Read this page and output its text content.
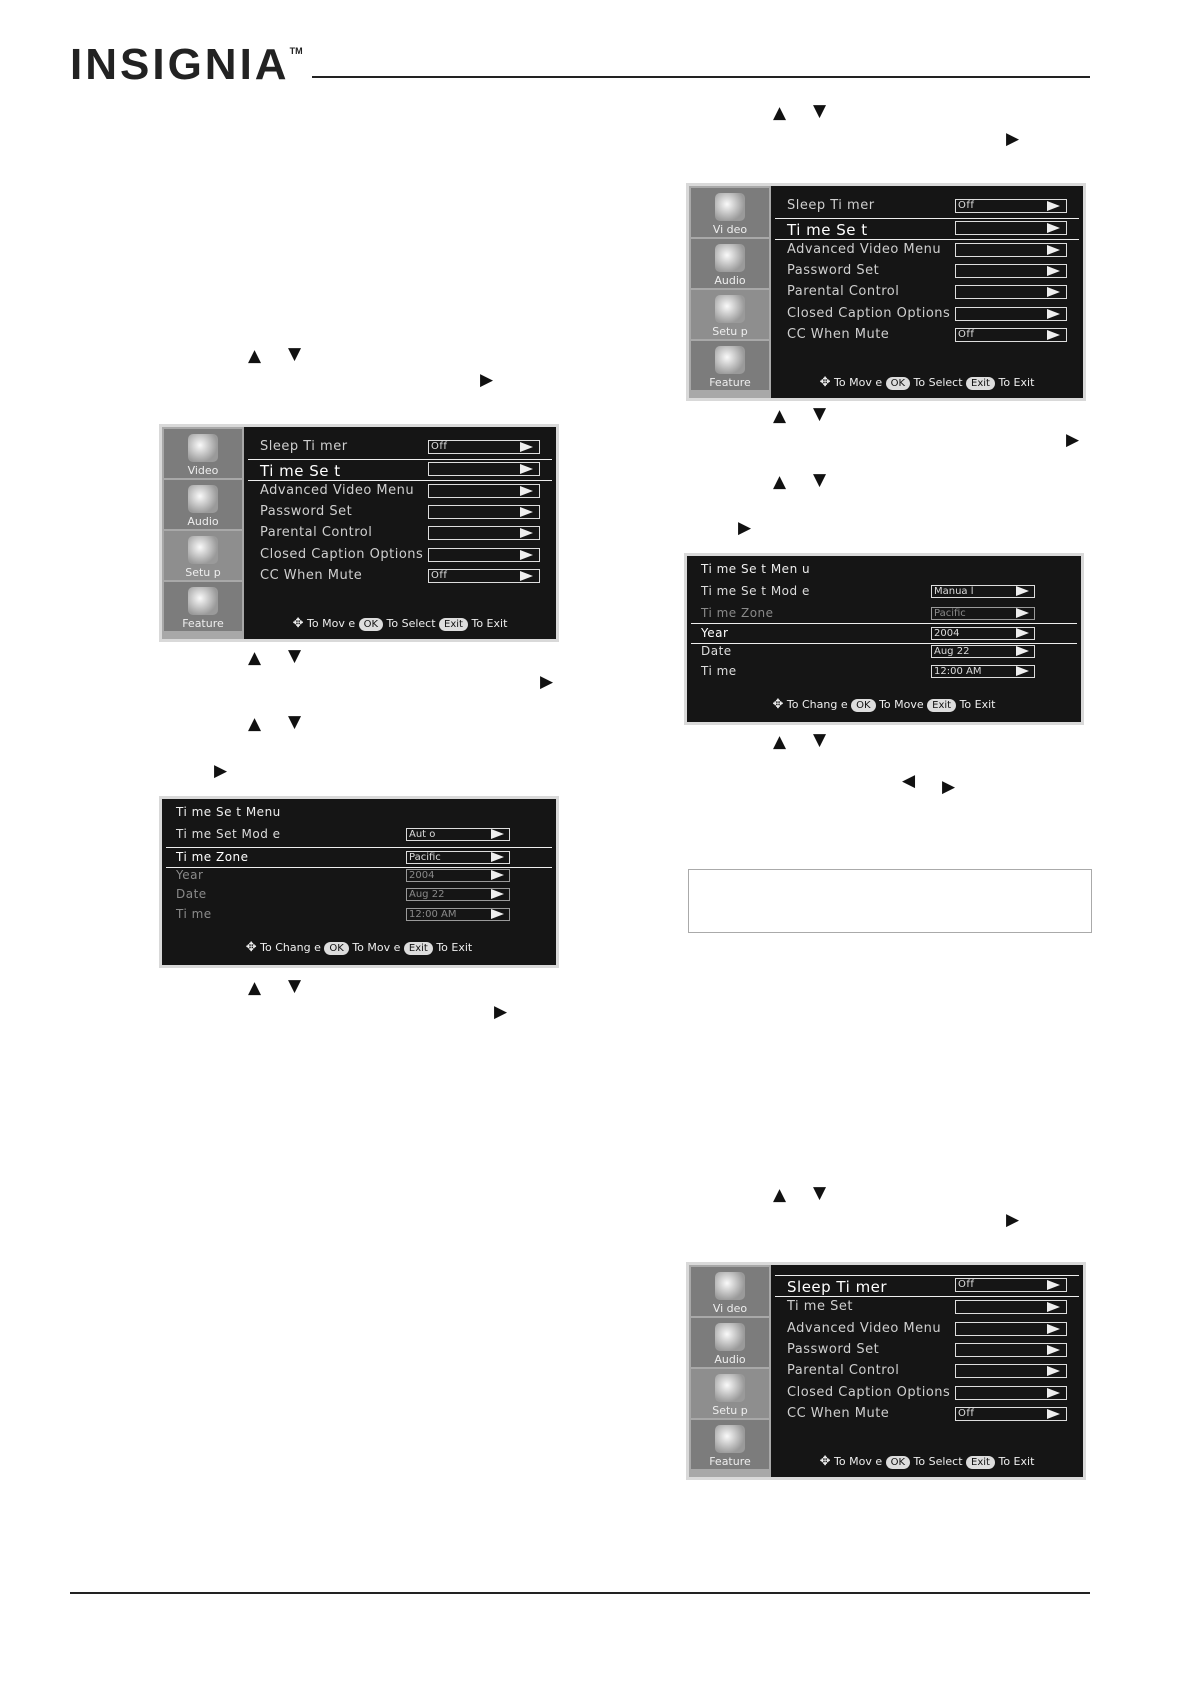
INSIGNIA™
▲ ▼
▶
▲ ▼
▶
▲ ▼
▶
▲ ▼
▶
▲ ▼
▶
▲ ▼
▶
▲ ▼
▶
▲ ▼
◀ ▶
▲ ▼
▶
Video
Audio
Setu p
Feature
Sleep Ti mer	Off
Ti me Se t
Advanced Video Menu
Password Set
Parental Control
Closed Caption Options
CC When Mute	Off
✥ To Mov e OK To Select Exit To Exit
Vi deo
Audio
Setu p
Feature
Sleep Ti mer	Off
Ti me Se t
Advanced Video Menu
Password Set
Parental Control
Closed Caption Options
CC When Mute	Off
✥ To Mov e OK To Select Exit To Exit
Vi deo
Audio
Setu p
Feature
Sleep Ti mer	Off
Ti me Set
Advanced Video Menu
Password Set
Parental Control
Closed Caption Options
CC When Mute	Off
✥ To Mov e OK To Select Exit To Exit
Ti me Se t Menu
Ti me Set Mod e	Aut o
Ti me Zone	Pacific
Year	2004
Date	Aug 22
Ti me	12:00 AM
✥ To Chang e OK To Mov e Exit To Exit
Ti me Se t Men u
Ti me Se t Mod e	Manua l
Ti me Zone	Pacific
Year	2004
Date	Aug 22
Ti me	12:00 AM
✥ To Chang e OK To Move Exit To Exit
